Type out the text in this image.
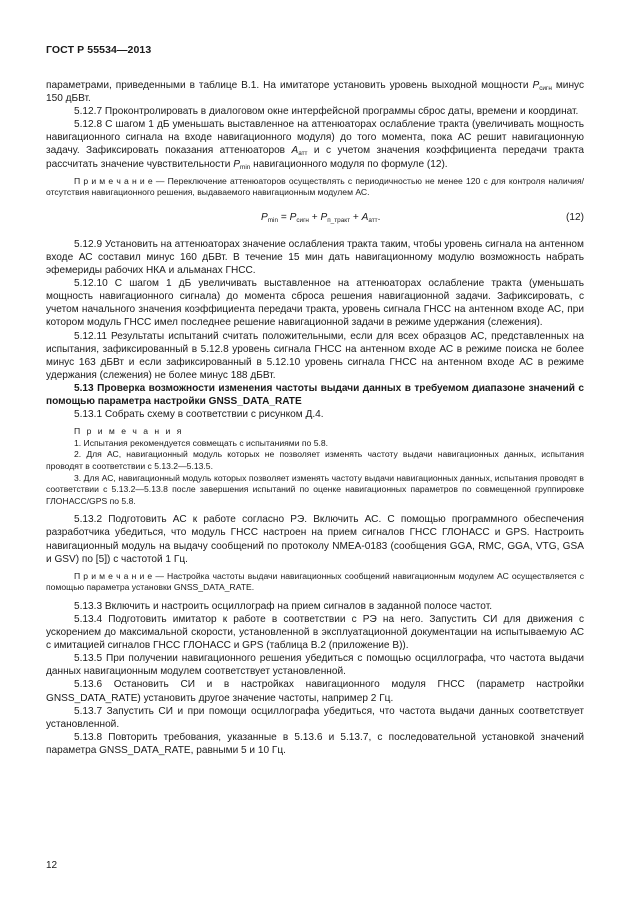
ГОСТ Р 55534—2013

параметрами, приведенными в таблице В.1. На имитаторе установить уровень выходной мощности $P_{сигн}$ минус 150 дБВт.

5.12.7 Проконтролировать в диалоговом окне интерфейсной программы сброс даты, времени и координат.

5.12.8 С шагом 1 дБ уменьшать выставленное на аттенюаторах ослабление тракта (увеличивать мощность навигационного сигнала на входе навигационного модуля) до того момента, пока АС решит навигационную задачу. Зафиксировать показания аттенюаторов $A_{атт}$ и с учетом значения коэффициента передачи тракта рассчитать значение чувствительности $P_{min}$ навигационного модуля по формуле (12).

П р и м е ч а н и е — Переключение аттенюаторов осуществлять с периодичностью не менее 120 с для контроля наличия/отсутствия навигационного решения, выдаваемого навигационным модулем АС.

$P_{min} = P_{сигн} + P_{п\_тракт} + A_{атт}$.	(12)

5.12.9 Установить на аттенюаторах значение ослабления тракта таким, чтобы уровень сигнала на антенном входе АС составил минус 160 дБВт. В течение 15 мин дать навигационному модулю возможность набрать эфемериды рабочих НКА и альманах ГНСС.

5.12.10 С шагом 1 дБ увеличивать выставленное на аттенюаторах ослабление тракта (уменьшать мощность навигационного сигнала) до момента сброса решения навигационной задачи. Зафиксировать, с учетом начального значения коэффициента передачи тракта, уровень сигнала ГНСС на антенном входе АС, при котором модуль ГНСС имел последнее решение навигационной задачи в режиме удержания (слежения).

5.12.11 Результаты испытаний считать положительными, если для всех образцов АС, представленных на испытания, зафиксированный в 5.12.8 уровень сигнала ГНСС на антенном входе АС в режиме поиска не более минус 163 дБВт и если зафиксированный в 5.12.10 уровень сигнала ГНСС на антенном входе АС в режиме удержания (слежения) не более минус 188 дБВт.

5.13 Проверка возможности изменения частоты выдачи данных в требуемом диапазоне значений с помощью параметра настройки GNSS_DATA_RATE

5.13.1 Собрать схему в соответствии с рисунком Д.4.

П р и м е ч а н и я

1. Испытания рекомендуется совмещать с испытаниями по 5.8.

2. Для АС, навигационный модуль которых не позволяет изменять частоту выдачи навигационных данных, испытания проводят в соответствии с 5.13.2—5.13.5.

3. Для АС, навигационный модуль которых позволяет изменять частоту выдачи навигационных данных, испытания проводят в соответствии с 5.13.2—5.13.8 после завершения испытаний по оценке навигационных параметров по совмещенной группировке ГЛОНАСС/GPS по 5.8.

5.13.2 Подготовить АС к работе согласно РЭ. Включить АС. С помощью программного обеспечения разработчика убедиться, что модуль ГНСС настроен на прием сигналов ГНСС ГЛОНАСС и GPS. Настроить навигационный модуль на выдачу сообщений по протоколу NMEA-0183 (сообщения GGA, RMC, GGA, VTG, GSA и GSV) по [5]) с частотой 1 Гц.

П р и м е ч а н и е — Настройка частоты выдачи навигационных сообщений навигационным модулем АС осуществляется с помощью параметра установки GNSS_DATA_RATE.

5.13.3 Включить и настроить осциллограф на прием сигналов в заданной полосе частот.

5.13.4 Подготовить имитатор к работе в соответствии с РЭ на него. Запустить СИ для движения с ускорением до максимальной скорости, установленной в эксплуатационной документации на испытываемую АС с имитацией сигналов ГНСС ГЛОНАСС и GPS (таблица В.2 (приложение В)).

5.13.5 При получении навигационного решения убедиться с помощью осциллографа, что частота выдачи данных навигационным модулем соответствует установленной.

5.13.6 Остановить СИ и в настройках навигационного модуля ГНСС (параметр настройки GNSS_DATA_RATE) установить другое значение частоты, например 2 Гц.

5.13.7 Запустить СИ и при помощи осциллографа убедиться, что частота выдачи данных соответствует установленной.

5.13.8 Повторить требования, указанные в 5.13.6 и 5.13.7, с последовательной установкой значений параметра GNSS_DATA_RATE, равными 5 и 10 Гц.

12
